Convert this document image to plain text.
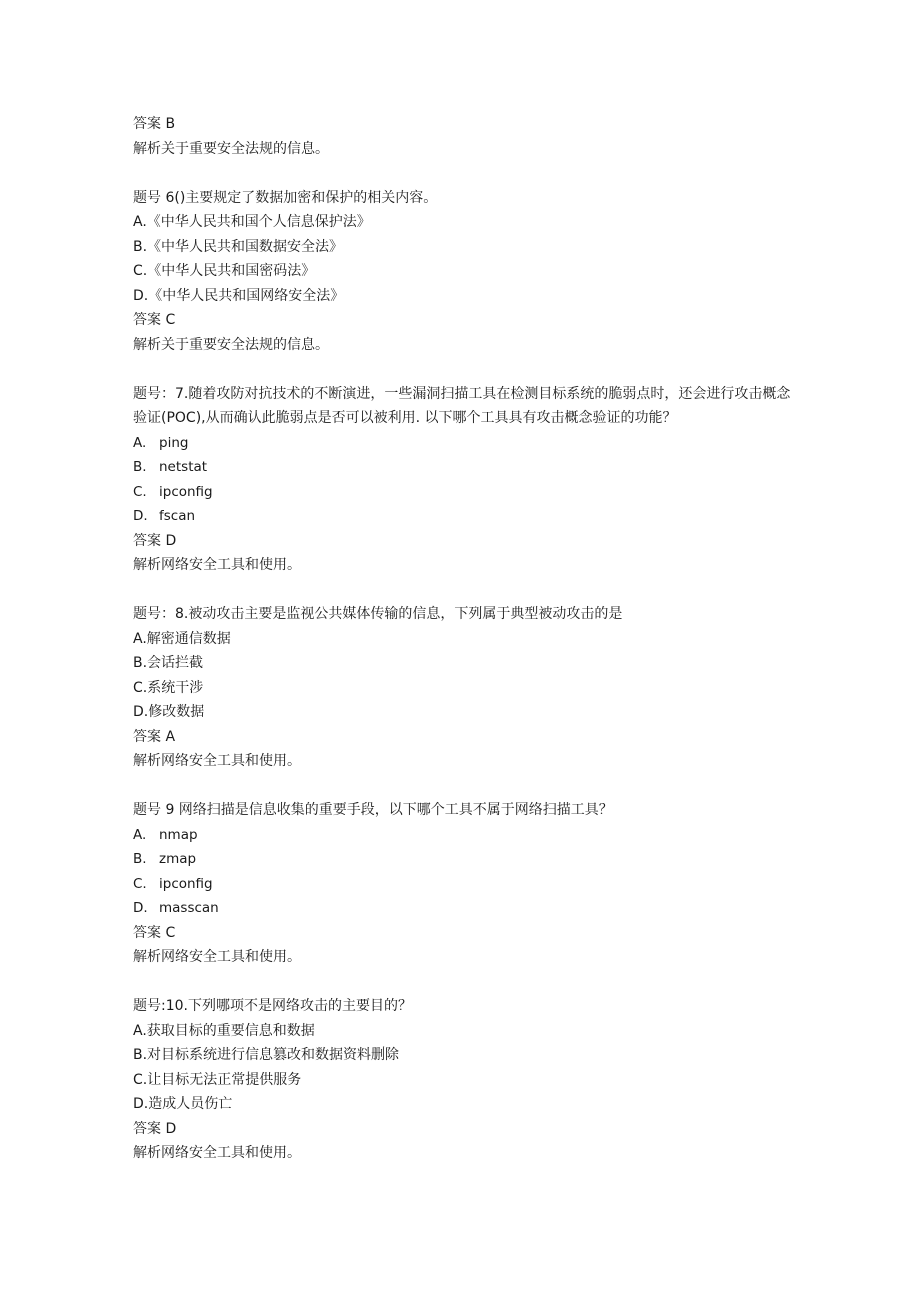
答案 B
解析关于重要安全法规的信息。
题号 6()主要规定了数据加密和保护的相关内容。
A.《中华人民共和国个人信息保护法》
B.《中华人民共和国数据安全法》
C.《中华人民共和国密码法》
D.《中华人民共和国网络安全法》
答案 C
解析关于重要安全法规的信息。
题号：7.随着攻防对抗技术的不断演进，一些漏洞扫描工具在检测目标系统的脆弱点时，还会进行攻击概念验证(POC),从而确认此脆弱点是否可以被利用. 以下哪个工具具有攻击概念验证的功能？
A. ping
B. netstat
C. ipconfig
D. fscan
答案 D
解析网络安全工具和使用。
题号：8.被动攻击主要是监视公共媒体传输的信息，下列属于典型被动攻击的是
A.解密通信数据
B.会话拦截
C.系统干涉
D.修改数据
答案 A
解析网络安全工具和使用。
题号 9 网络扫描是信息收集的重要手段，以下哪个工具不属于网络扫描工具？
A. nmap
B. zmap
C. ipconfig
D. masscan
答案 C
解析网络安全工具和使用。
题号:10.下列哪项不是网络攻击的主要目的？
A.获取目标的重要信息和数据
B.对目标系统进行信息篡改和数据资料删除
C.让目标无法正常提供服务
D.造成人员伤亡
答案 D
解析网络安全工具和使用。
